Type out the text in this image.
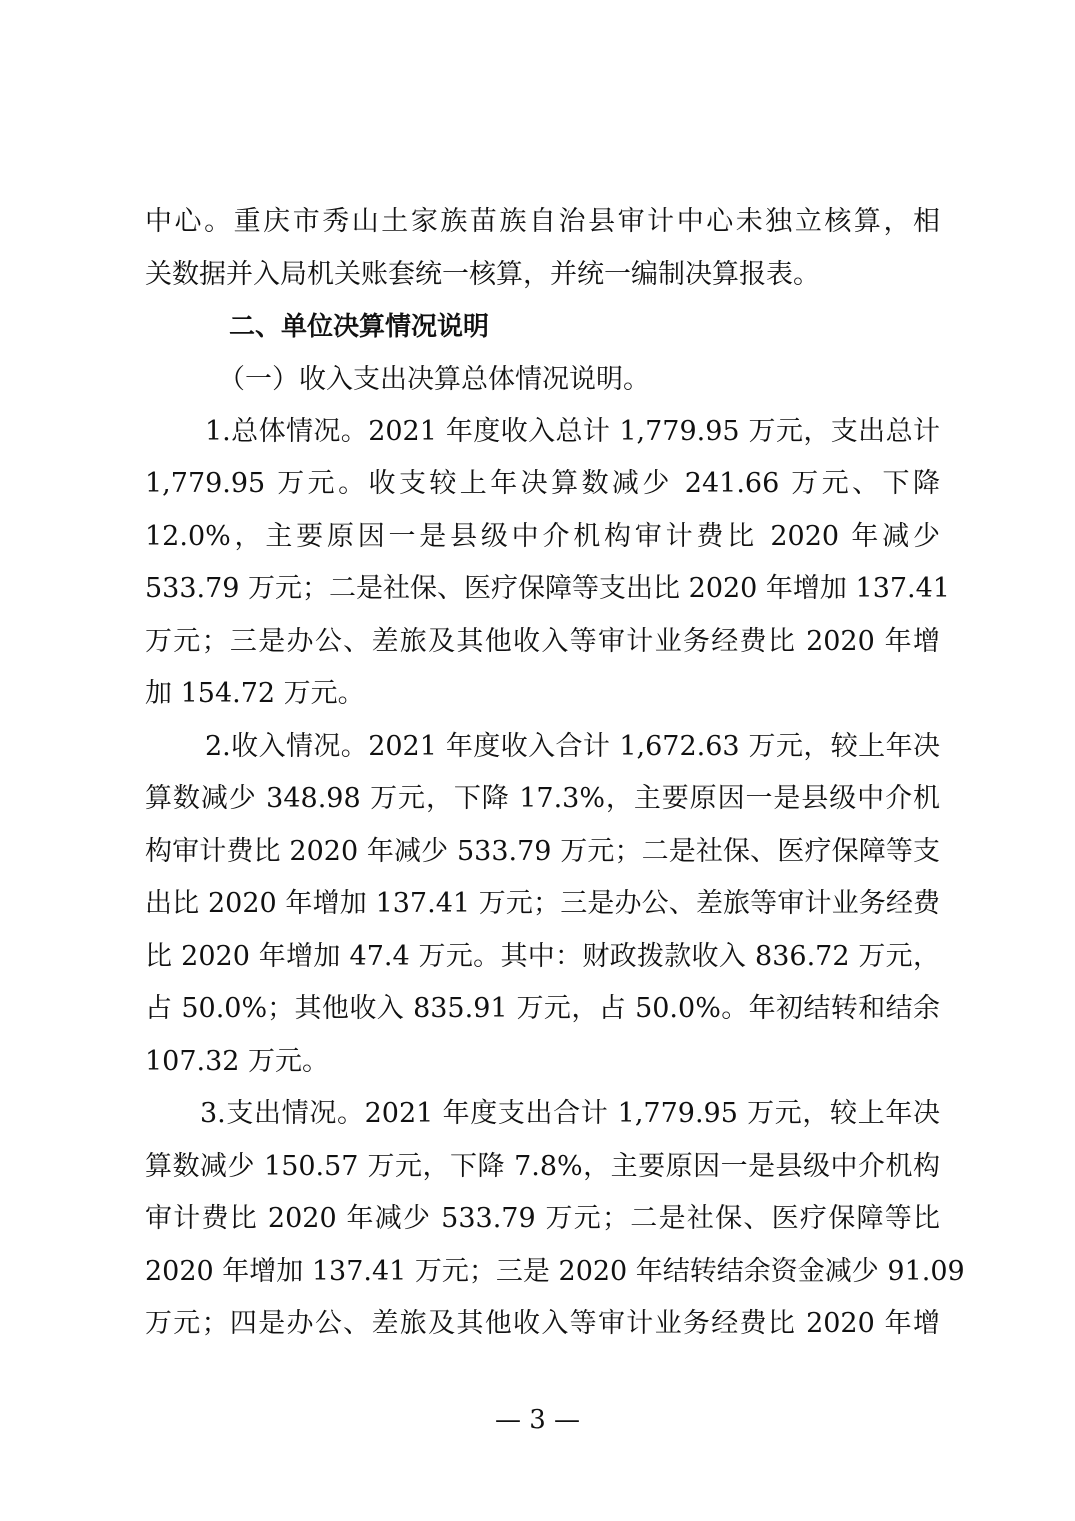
中心。重庆市秀山土家族苗族自治县审计中心未独立核算，相
关数据并入局机关账套统一核算，并统一编制决算报表。
二、单位决算情况说明
（一）收入支出决算总体情况说明。
1.总体情况。2021 年度收入总计 1,779.95 万元，支出总计
1,779.95 万元。收支较上年决算数减少 241.66 万元、下降
12.0%，主要原因一是县级中介机构审计费比 2020 年减少
533.79 万元；二是社保、医疗保障等支出比 2020 年增加 137.41
万元；三是办公、差旅及其他收入等审计业务经费比 2020 年增
加 154.72 万元。
2.收入情况。2021 年度收入合计 1,672.63 万元，较上年决
算数减少 348.98 万元，下降 17.3%，主要原因一是县级中介机
构审计费比 2020 年减少 533.79 万元；二是社保、医疗保障等支
出比 2020 年增加 137.41 万元；三是办公、差旅等审计业务经费
比 2020 年增加 47.4 万元。其中：财政拨款收入 836.72 万元，
占 50.0%；其他收入 835.91 万元，占 50.0%。年初结转和结余
107.32 万元。
3.支出情况。2021 年度支出合计 1,779.95 万元，较上年决
算数减少 150.57 万元，下降 7.8%，主要原因一是县级中介机构
审计费比 2020 年减少 533.79 万元；二是社保、医疗保障等比
2020 年增加 137.41 万元；三是 2020 年结转结余资金减少 91.09
万元；四是办公、差旅及其他收入等审计业务经费比 2020 年增
— 3 —
